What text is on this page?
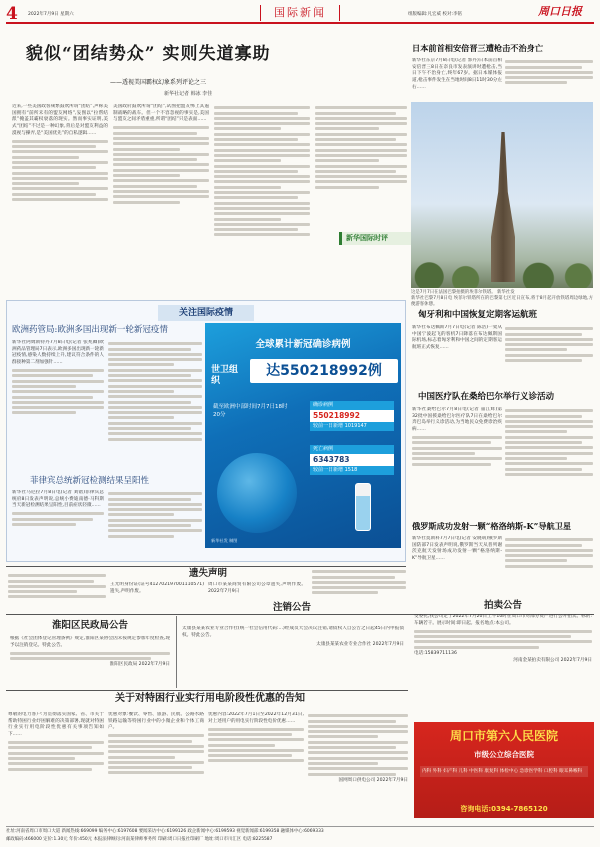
4 2022年7月9日 星期六	国际新闻	组版编辑:凡宏威 校对:李铭	周口日报
貌似“团结势众” 实则失道寡助
——透视美国霸权幻象系列评论之三
新华社记者 韩冰 李佳
近来,一些美国政客频繁鼓吹所谓“团结”,声称美国拥有“前所未有的盟友网络”,妄图以“拉帮结派”掩盖其霸权衰落的现实。然而事实证明,美式“团结”不过是一种幻象,背后是对盟友利益的漠视与操弄,是“美国优先”的自私逻辑……
美国政府鼓吹所谓“团结”,试图把盟友绑上其遏制战略的战车。但一个不容忽视的事实是,美国与盟友之间矛盾重重,所谓“团结”只是表面……
新华国际时评
日本前首相安倍晋三遭枪击不治身亡
新华社东京7月8日电(记者 郭丹)日本前首相安倍晋三8日在奈良市发表演讲时遭枪击,当日下午不治身亡,终年67岁。据日本媒体报道,枪击事件发生在当地时间8日11时30分左右……
这是7月7日在法国巴黎拍摄的埃菲尔铁塔。 新华社发
新华社巴黎7月8日电 埃菲尔铁塔所在的巴黎第七区近日宣布,将于8月起开放铁塔周边绿地,方便游客休憩。
匈牙利和中国恢复定期客运航班
新华社布达佩斯7月7日电(记者 陈浩)一架从中国宁波起飞的客机7日降落在布达佩斯国际机场,标志着匈牙利和中国之间的定期客运航班正式恢复……
中国医疗队在桑给巴尔举行义诊活动
新华社桑给巴尔7月8日电(记者 董江辉)第32批中国援桑给巴尔医疗队7日在桑给巴尔奔巴岛举行义诊活动,为当地民众免费诊治疾病……
俄罗斯成功发射一颗“格洛纳斯-K”导航卫星
新华社莫斯科7月7日电(记者 安晓萌)俄罗斯国防部7日发表声明说,俄罗斯当天从普列谢茨克航天发射场成功发射一颗“格洛纳斯-K”导航卫星……
关注国际疫情
欧洲药管局:欧洲多国出现新一轮新冠疫情
新华社阿姆斯特丹7月8日电(记者 张兆卿)欧洲药品管理局7日表示,欧洲多国出现新一轮新冠疫情,感染人数持续上升,建议符合条件的人群接种第二剂加强针……
菲律宾总统新冠检测结果呈阳性
新华社马尼拉7月8日电(记者 刘锴)菲律宾总统府8日发表声明说,总统小费迪南德·马科斯当天新冠检测结果呈阳性,目前症状轻微……
全球累计新冠确诊病例
世卫组织
达550218992例
截至欧洲中部时间7月7日18时20分
确诊病例
550218992
较前一日新增 1019147
死亡病例
6343783
较前一日新增 1518
新华社发 制图
遗失声明
王光明身份证(证号412702197001110571)遗失,声明作废。
周口市某某商贸有限公司公章遗失,声明作废。 2022年7月9日
淮阳区民政局公告
根据《社会团体登记管理条例》规定,淮阳区某协会因未按规定参加年度检查,现予以注销登记。特此公告。
淮阳区民政局 2022年7月9日
注销公告
太康县某某农业专业合作社(统一社会信用代码:...)经成员大会决议注销,请债权人自公告之日起45日内申报债权。特此公告。
太康县某某农业专业合作社 2022年7月9日
拍卖公告
受委托,我公司定于2022年7月20日上午10时在周口市对部分资产进行公开拍卖。标的:车辆若干。展示时间:即日起。报名地点:本公司。
电话:15839711136
河南金某拍卖有限公司 2022年7月9日
关于对特困行业实行用电阶段性优惠的告知
尊敬的电力客户:为贯彻落实国家、省、市关于帮助特困行业纾困解难的决策部署,现就对特困行业实行用电阶段性优惠有关事项告知如下……
优惠对象:餐饮、零售、旅游、民航、公路水路铁路运输等特困行业中的小微企业和个体工商户。
优惠内容:2022年7月1日至2022年12月31日,对上述用户的用电实行阶段性电价优惠……
国网周口供电公司 2022年7月9日
周口市第六人民医院
市级公立综合医院
内科 外科 妇产科 儿科 中医科 康复科 体检中心 急诊医学科 口腔科 眼耳鼻喉科
咨询电话:0394-7865120
社址:河南省周口市周口大道 新闻热线:669099 编务中心:6197608 要闻采访中心:6199126 政企新闻中心:6199593 视觉新闻部:6199358 融媒体中心:6069333
邮政编码:466000 定价:1.30元 年价:450元 本报法律顾问:河南某律师事务所 印刷:周口日报社印刷厂 地址:周口市川汇区 电话:8225587
